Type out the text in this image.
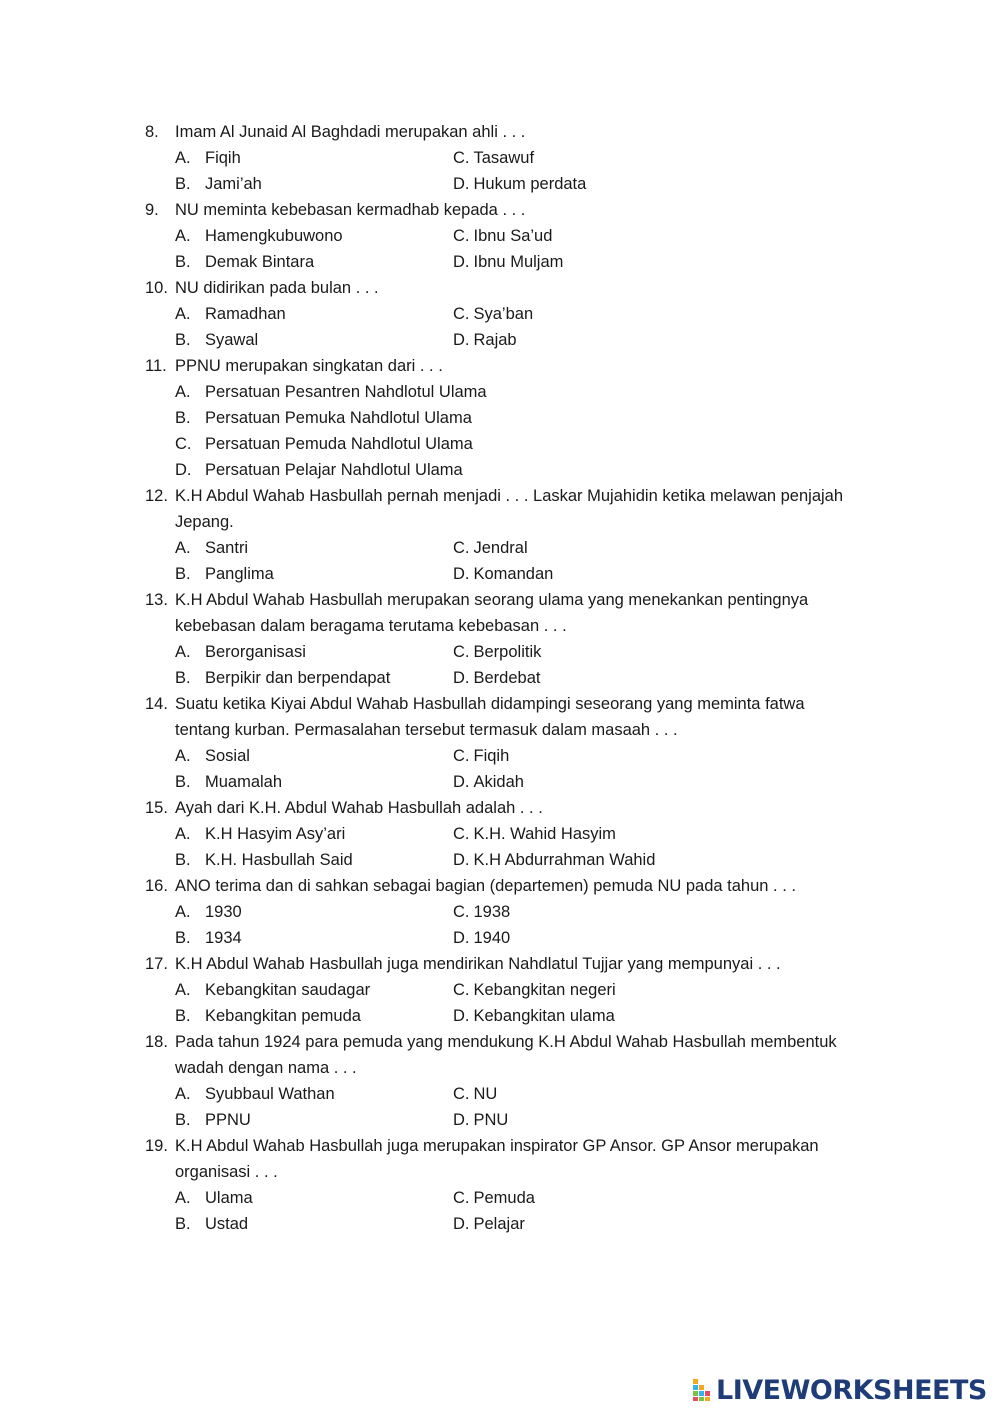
8. Imam Al Junaid Al Baghdadi merupakan ahli . . .
A. Fiqih	C. Tasawuf
B. Jami’ah	D. Hukum perdata
9. NU meminta kebebasan kermadhab kepada . . .
A. Hamengkubuwono	C. Ibnu Sa’ud
B. Demak Bintara	D. Ibnu Muljam
10. NU didirikan pada bulan . . .
A. Ramadhan	C. Sya’ban
B. Syawal	D. Rajab
11. PPNU merupakan singkatan dari . . .
A. Persatuan Pesantren Nahdlotul Ulama
B. Persatuan Pemuka Nahdlotul Ulama
C. Persatuan Pemuda Nahdlotul Ulama
D. Persatuan Pelajar Nahdlotul Ulama
12. K.H Abdul Wahab Hasbullah pernah menjadi . . . Laskar Mujahidin ketika melawan penjajah Jepang.
A. Santri	C. Jendral
B. Panglima	D. Komandan
13. K.H Abdul Wahab Hasbullah merupakan seorang ulama yang menekankan pentingnya kebebasan dalam beragama terutama kebebasan . . .
A. Berorganisasi	C. Berpolitik
B. Berpikir dan berpendapat	D. Berdebat
14. Suatu ketika Kiyai Abdul Wahab Hasbullah didampingi seseorang yang meminta fatwa tentang kurban. Permasalahan tersebut termasuk dalam masaah . . .
A. Sosial	C. Fiqih
B. Muamalah	D. Akidah
15. Ayah dari K.H. Abdul Wahab Hasbullah adalah . . .
A. K.H Hasyim Asy’ari	C. K.H. Wahid Hasyim
B. K.H. Hasbullah Said	D. K.H Abdurrahman Wahid
16. ANO terima dan di sahkan sebagai bagian (departemen) pemuda NU pada tahun . . .
A. 1930	C. 1938
B. 1934	D. 1940
17. K.H Abdul Wahab Hasbullah juga mendirikan Nahdlatul Tujjar yang mempunyai . . .
A. Kebangkitan saudagar	C. Kebangkitan negeri
B. Kebangkitan pemuda	D. Kebangkitan ulama
18. Pada tahun 1924 para pemuda yang mendukung K.H Abdul Wahab Hasbullah membentuk wadah dengan nama . . .
A. Syubbaul Wathan	C. NU
B. PPNU	D. PNU
19. K.H Abdul Wahab Hasbullah juga merupakan inspirator GP Ansor. GP Ansor merupakan organisasi . . .
A. Ulama	C. Pemuda
B. Ustad	D. Pelajar
LIVEWORKSHEETS
